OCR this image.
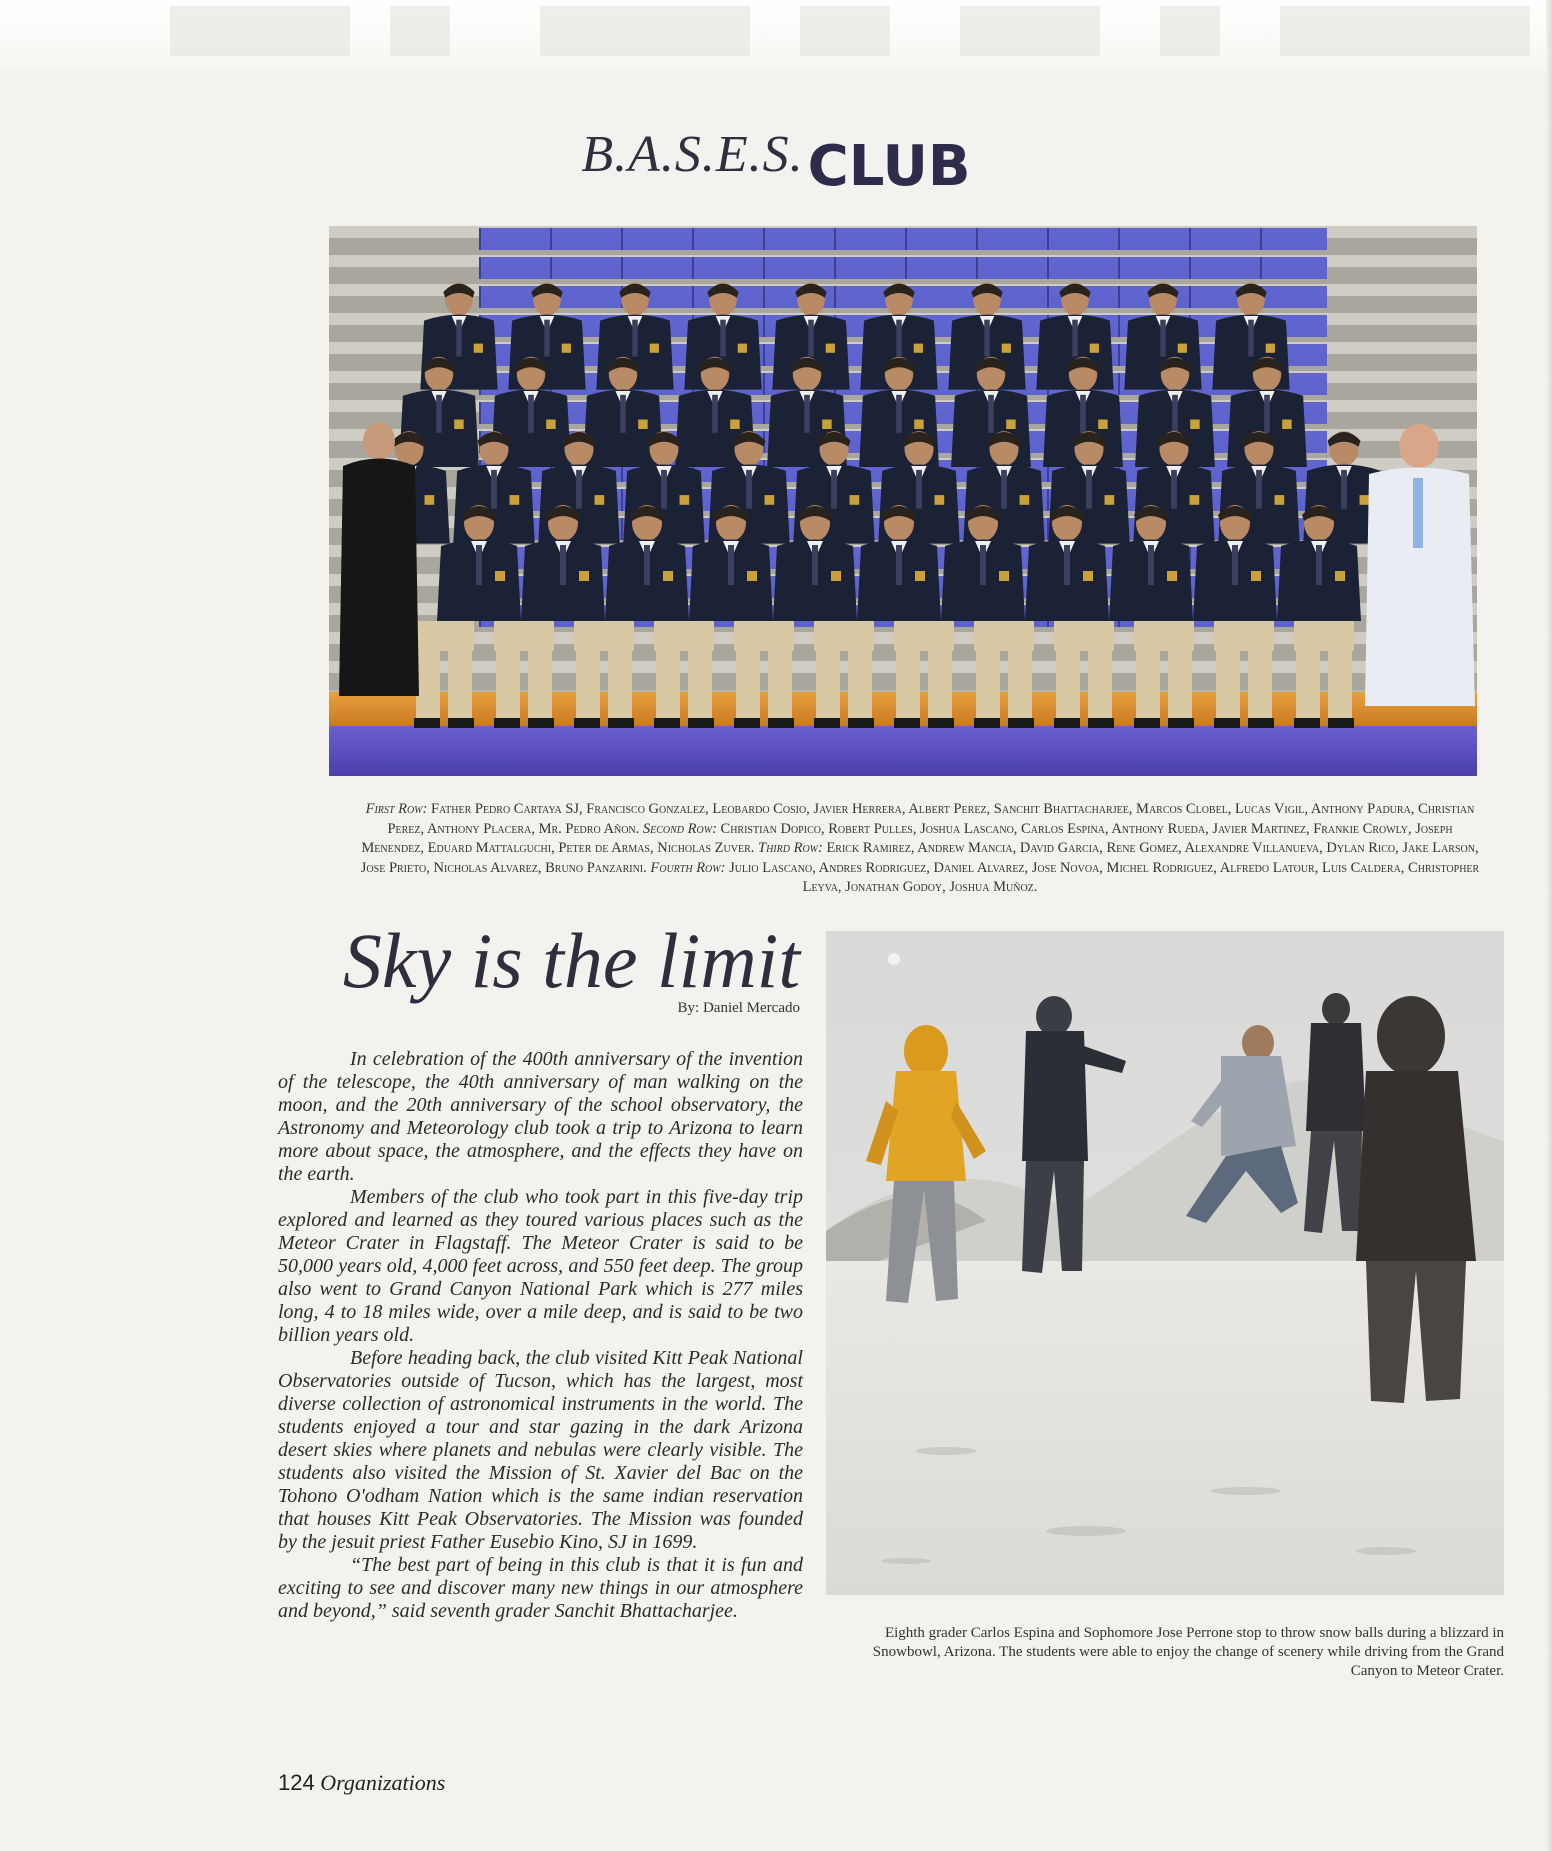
B.A.S.E.S.CLUB
First Row: Father Pedro Cartaya SJ, Francisco Gonzalez, Leobardo Cosio, Javier Herrera, Albert Perez, Sanchit Bhattacharjee, Marcos Clobel, Lucas Vigil, Anthony Padura, Christian Perez, Anthony Placera, Mr. Pedro Añon. Second Row: Christian Dopico, Robert Pulles, Joshua Lascano, Carlos Espina, Anthony Rueda, Javier Martinez, Frankie Crowly, Joseph Menendez, Eduard Mattalguchi, Peter de Armas, Nicholas Zuver. Third Row: Erick Ramirez, Andrew Mancia, David Garcia, Rene Gomez, Alexandre Villanueva, Dylan Rico, Jake Larson, Jose Prieto, Nicholas Alvarez, Bruno Panzarini. Fourth Row: Julio Lascano, Andres Rodriguez, Daniel Alvarez, Jose Novoa, Michel Rodriguez, Alfredo Latour, Luis Caldera, Christopher Leyva, Jonathan Godoy, Joshua Muñoz.
Sky is the limit
By: Daniel Mercado

In celebration of the 400th anniversary of the invention of the telescope, the 40th anniversary of man walking on the moon, and the 20th anniversary of the school observatory, the Astronomy and Meteorology club took a trip to Arizona to learn more about space, the atmosphere, and the effects they have on the earth.

Members of the club who took part in this five-day trip explored and learned as they toured various places such as the Meteor Crater in Flagstaff. The Meteor Crater is said to be 50,000 years old, 4,000 feet across, and 550 feet deep. The group also went to Grand Canyon National Park which is 277 miles long, 4 to 18 miles wide, over a mile deep, and is said to be two billion years old.

Before heading back, the club visited Kitt Peak National Observatories outside of Tucson, which has the largest, most diverse collection of astronomical instruments in the world. The students enjoyed a tour and star gazing in the dark Arizona desert skies where planets and nebulas were clearly visible. The students also visited the Mission of St. Xavier del Bac on the Tohono O'odham Nation which is the same indian reservation that houses Kitt Peak Observatories. The Mission was founded by the jesuit priest Father Eusebio Kino, SJ in 1699.

“The best part of being in this club is that it is fun and exciting to see and discover many new things in our atmosphere and beyond,” said seventh grader Sanchit Bhattacharjee.

Eighth grader Carlos Espina and Sophomore Jose Perrone stop to throw snow balls during a blizzard in Snowbowl, Arizona. The students were able to enjoy the change of scenery while driving from the Grand Canyon to Meteor Crater.
124 Organizations
